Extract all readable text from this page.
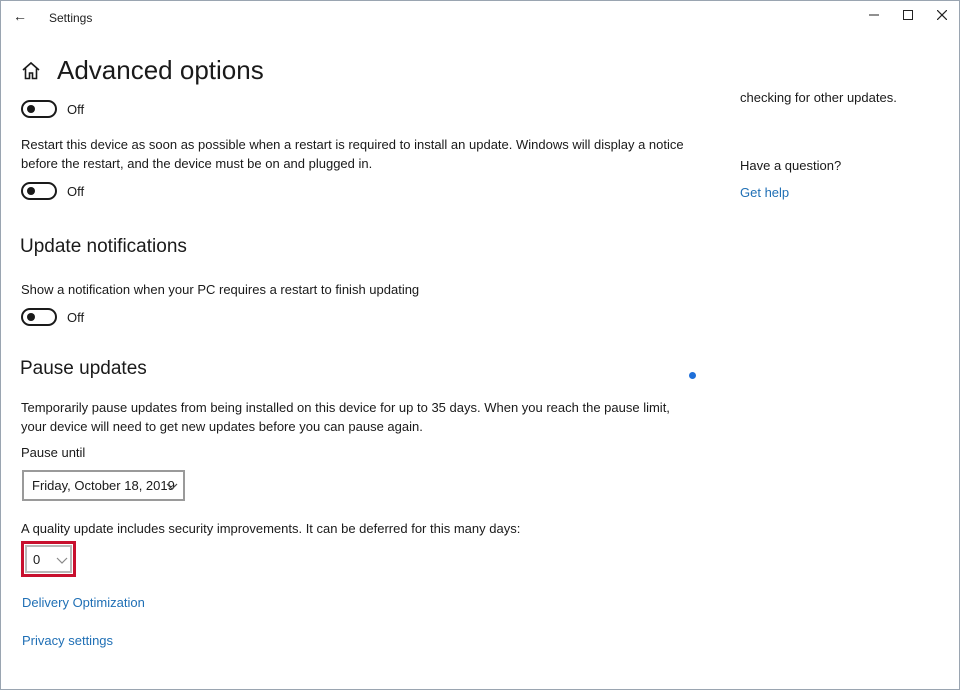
←	Settings
Advanced options
Off
Restart this device as soon as possible when a restart is required to install an update. Windows will display a notice before the restart, and the device must be on and plugged in.
Off
Update notifications
Show a notification when your PC requires a restart to finish updating
Off
Pause updates
Temporarily pause updates from being installed on this device for up to 35 days. When you reach the pause limit, your device will need to get new updates before you can pause again.
Pause until
Friday, October 18, 2019
A quality update includes security improvements. It can be deferred for this many days:
0
Delivery Optimization
Privacy settings
checking for other updates.
Have a question?
Get help
